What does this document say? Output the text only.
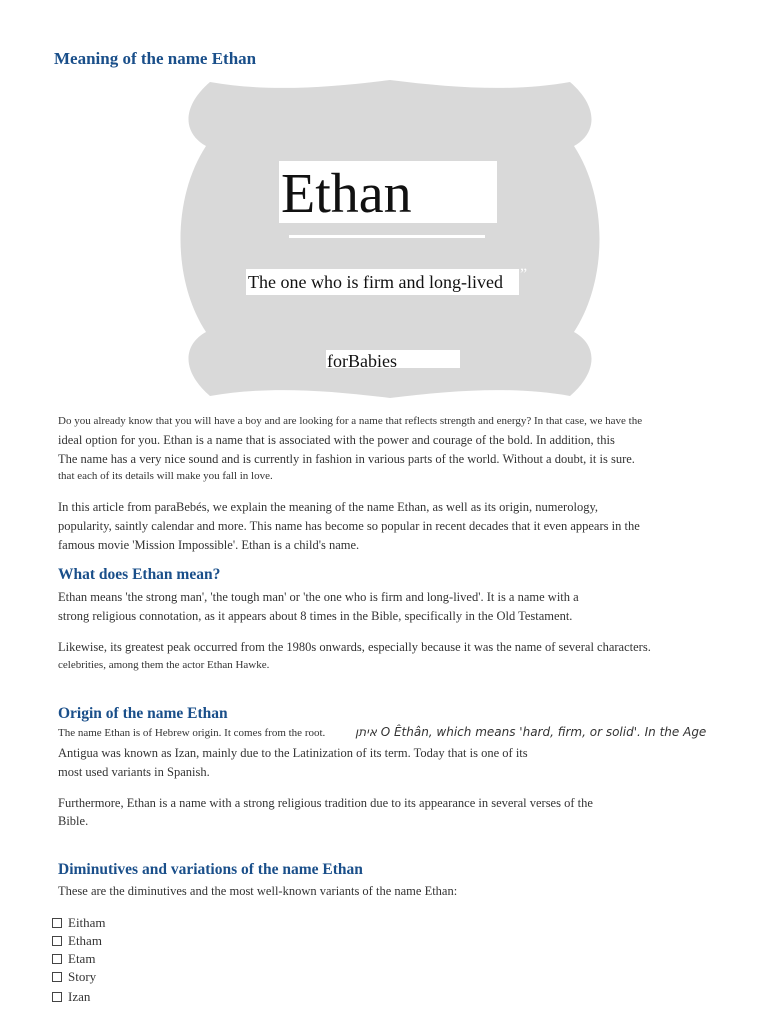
Meaning of the name Ethan
Ethan
The one who is firm and long-lived ”
forBabies
Do you already know that you will have a boy and are looking for a name that reflects strength and energy? In that case, we have the
ideal option for you. Ethan is a name that is associated with the power and courage of the bold. In addition, this
The name has a very nice sound and is currently in fashion in various parts of the world. Without a doubt, it is sure.
that each of its details will make you fall in love.
In this article from paraBebés, we explain the meaning of the name Ethan, as well as its origin, numerology,
popularity, saintly calendar and more. This name has become so popular in recent decades that it even appears in the
famous movie 'Mission Impossible'. Ethan is a child's name.
What does Ethan mean?
Ethan means 'the strong man', 'the tough man' or 'the one who is firm and long-lived'. It is a name with a
strong religious connotation, as it appears about 8 times in the Bible, specifically in the Old Testament.
Likewise, its greatest peak occurred from the 1980s onwards, especially because it was the name of several characters.
celebrities, among them the actor Ethan Hawke.
Origin of the name Ethan
The name Ethan is of Hebrew origin. It comes from the root. איתן O Êthân, which means 'hard, firm, or solid'. In the Age
Antigua was known as Izan, mainly due to the Latinization of its term. Today that is one of its
most used variants in Spanish.
Furthermore, Ethan is a name with a strong religious tradition due to its appearance in several verses of the
Bible.
Diminutives and variations of the name Ethan
These are the diminutives and the most well-known variants of the name Ethan:
Eitham
Etham
Etam
Story
Izan
